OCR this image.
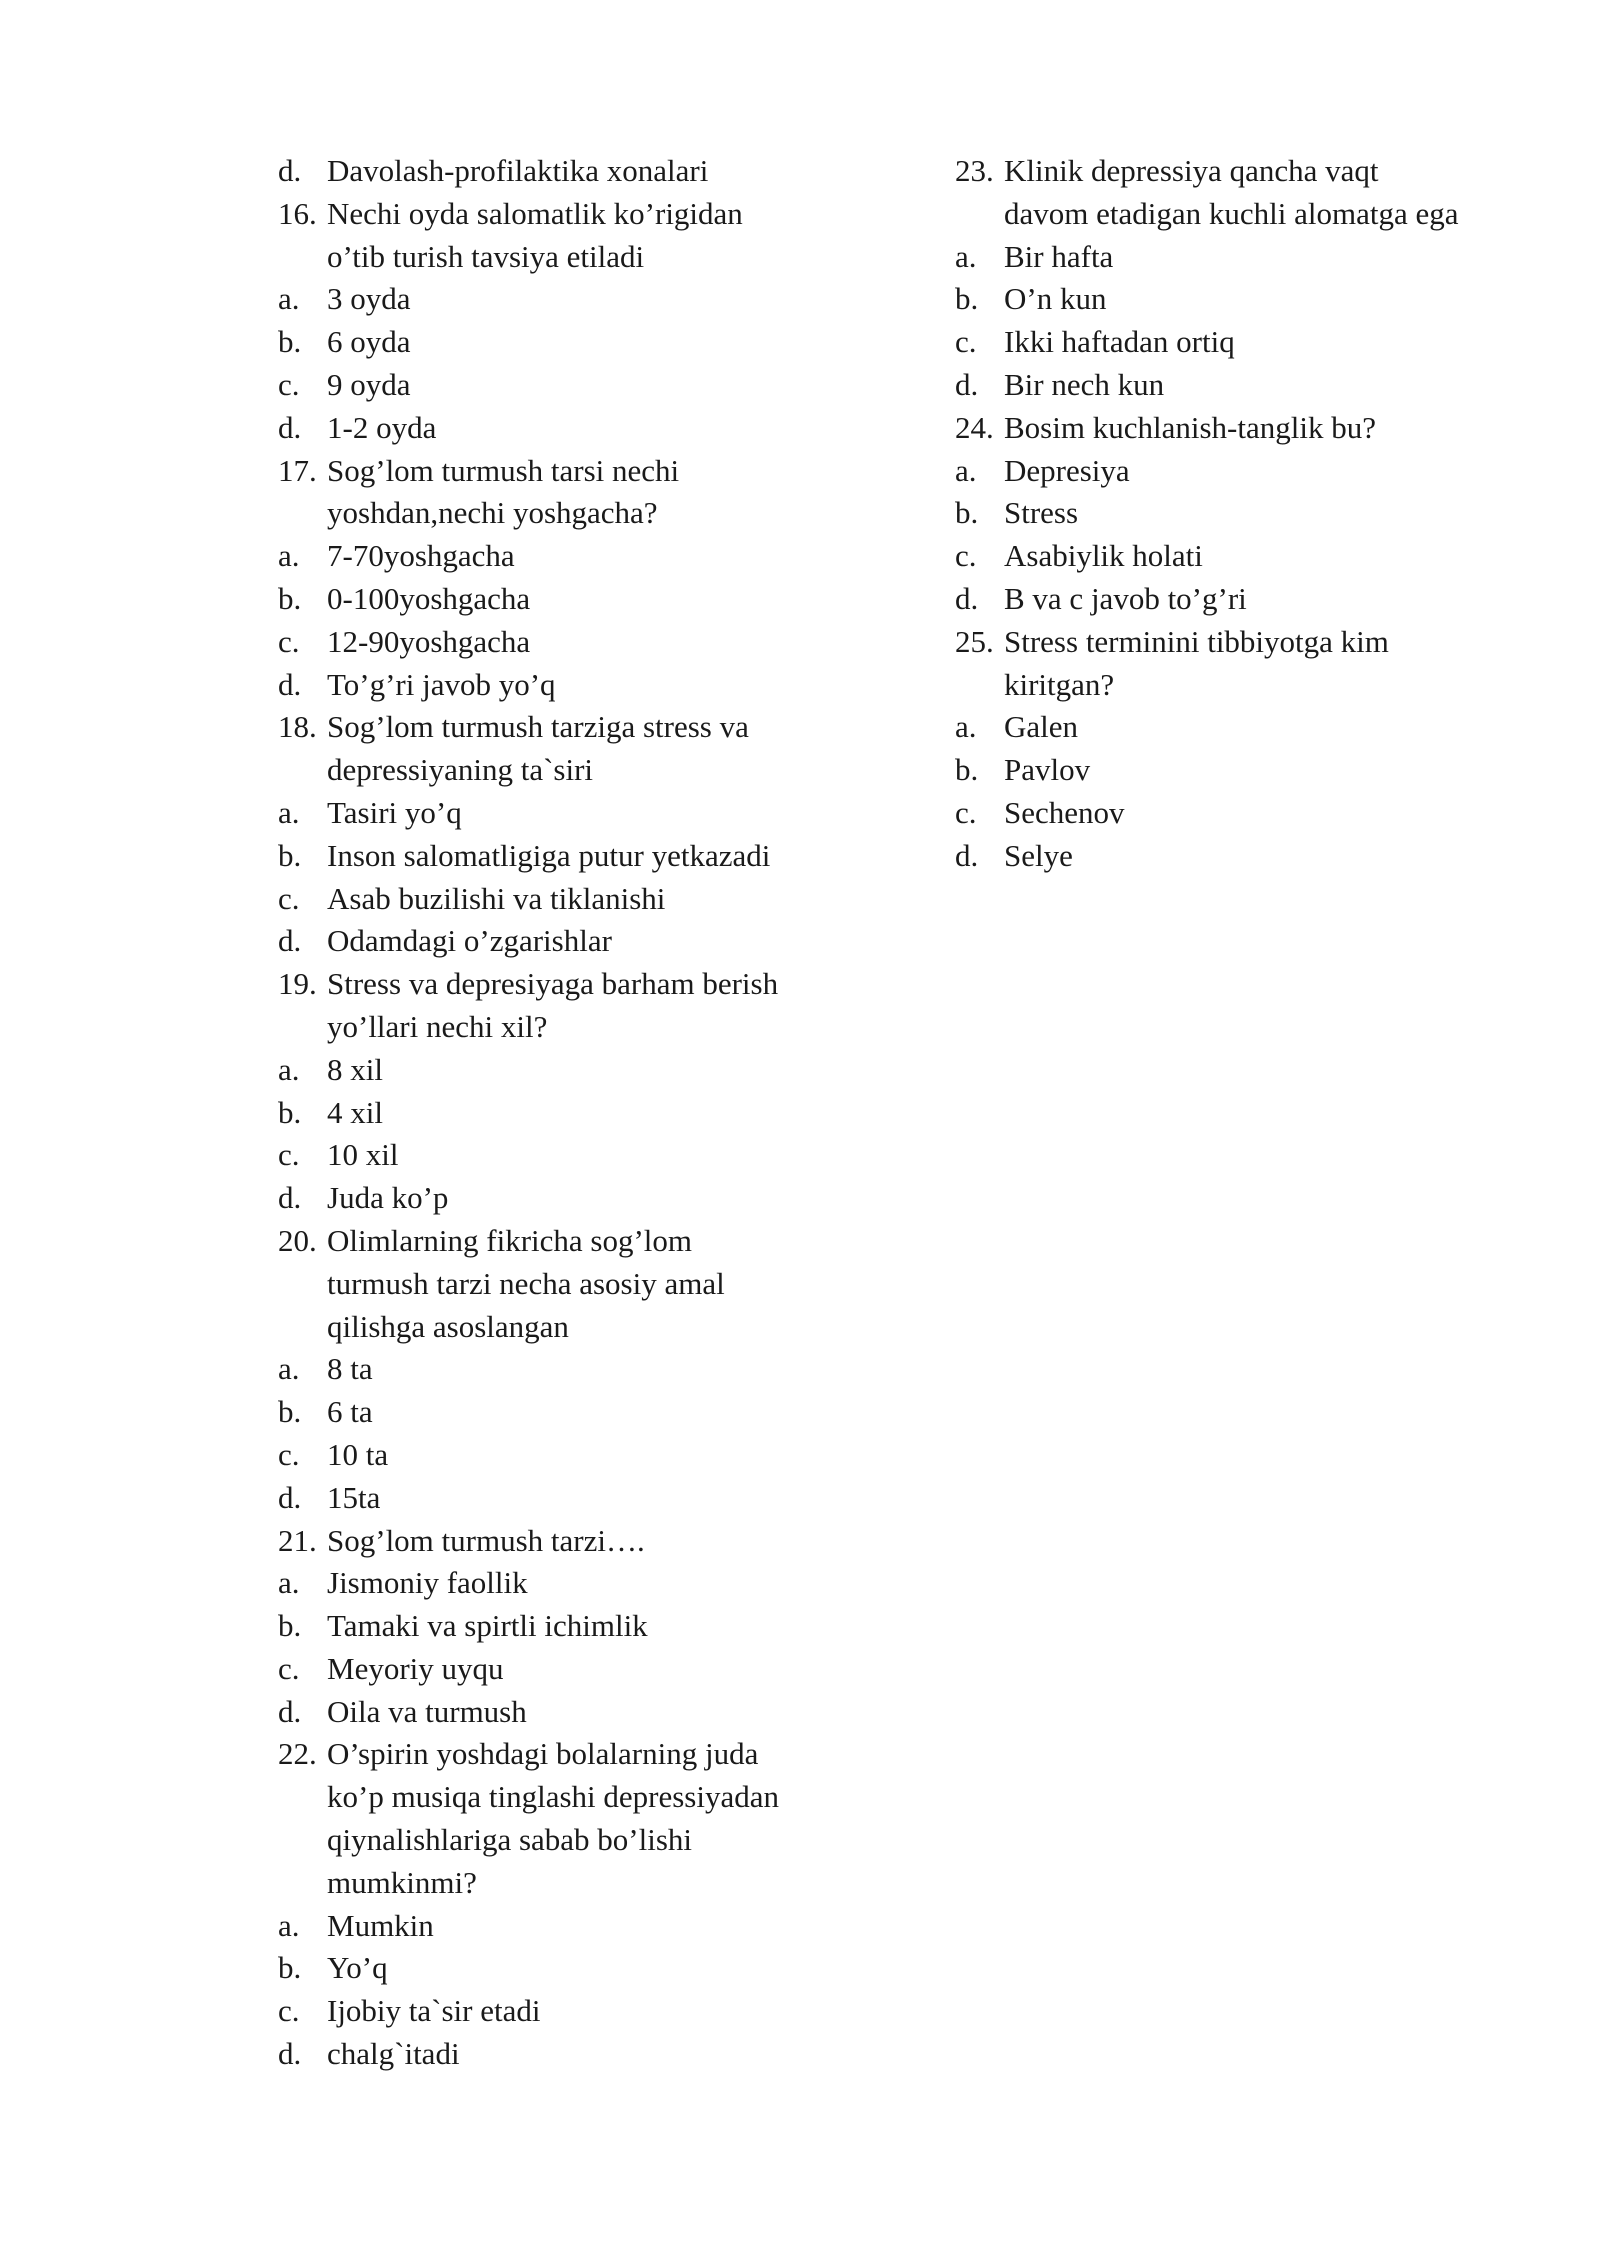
d. Davolash-profilaktika xonalari
16. Nechi oyda salomatlik ko’rigidan
o’tib turish tavsiya etiladi
a. 3 oyda
b. 6 oyda
c. 9 oyda
d. 1-2 oyda
17. Sog’lom turmush tarsi nechi
yoshdan,nechi yoshgacha?
a. 7-70yoshgacha
b. 0-100yoshgacha
c. 12-90yoshgacha
d. To’g’ri javob yo’q
18. Sog’lom turmush tarziga stress va
depressiyaning ta`siri
a. Tasiri yo’q
b. Inson salomatligiga putur yetkazadi
c. Asab buzilishi va tiklanishi
d. Odamdagi o’zgarishlar
19. Stress va depresiyaga barham berish
yo’llari nechi xil?
a. 8 xil
b. 4 xil
c. 10 xil
d. Juda ko’p
20. Olimlarning fikricha sog’lom
turmush tarzi necha asosiy amal
qilishga asoslangan
a. 8 ta
b. 6 ta
c. 10 ta
d. 15ta
21. Sog’lom turmush tarzi….
a. Jismoniy faollik
b. Tamaki va spirtli ichimlik
c. Meyoriy uyqu
d. Oila va turmush
22. O’spirin yoshdagi bolalarning juda
ko’p musiqa tinglashi depressiyadan
qiynalishlariga sabab bo’lishi
mumkinmi?
a. Mumkin
b. Yo’q
c. Ijobiy ta`sir etadi
d. chalg`itadi
23. Klinik depressiya qancha vaqt
davom etadigan kuchli alomatga ega
a. Bir hafta
b. O’n kun
c. Ikki haftadan ortiq
d. Bir nech kun
24. Bosim kuchlanish-tanglik bu?
a. Depresiya
b. Stress
c. Asabiylik holati
d. B va c javob to’g’ri
25. Stress terminini tibbiyotga kim
kiritgan?
a. Galen
b. Pavlov
c. Sechenov
d. Selye
